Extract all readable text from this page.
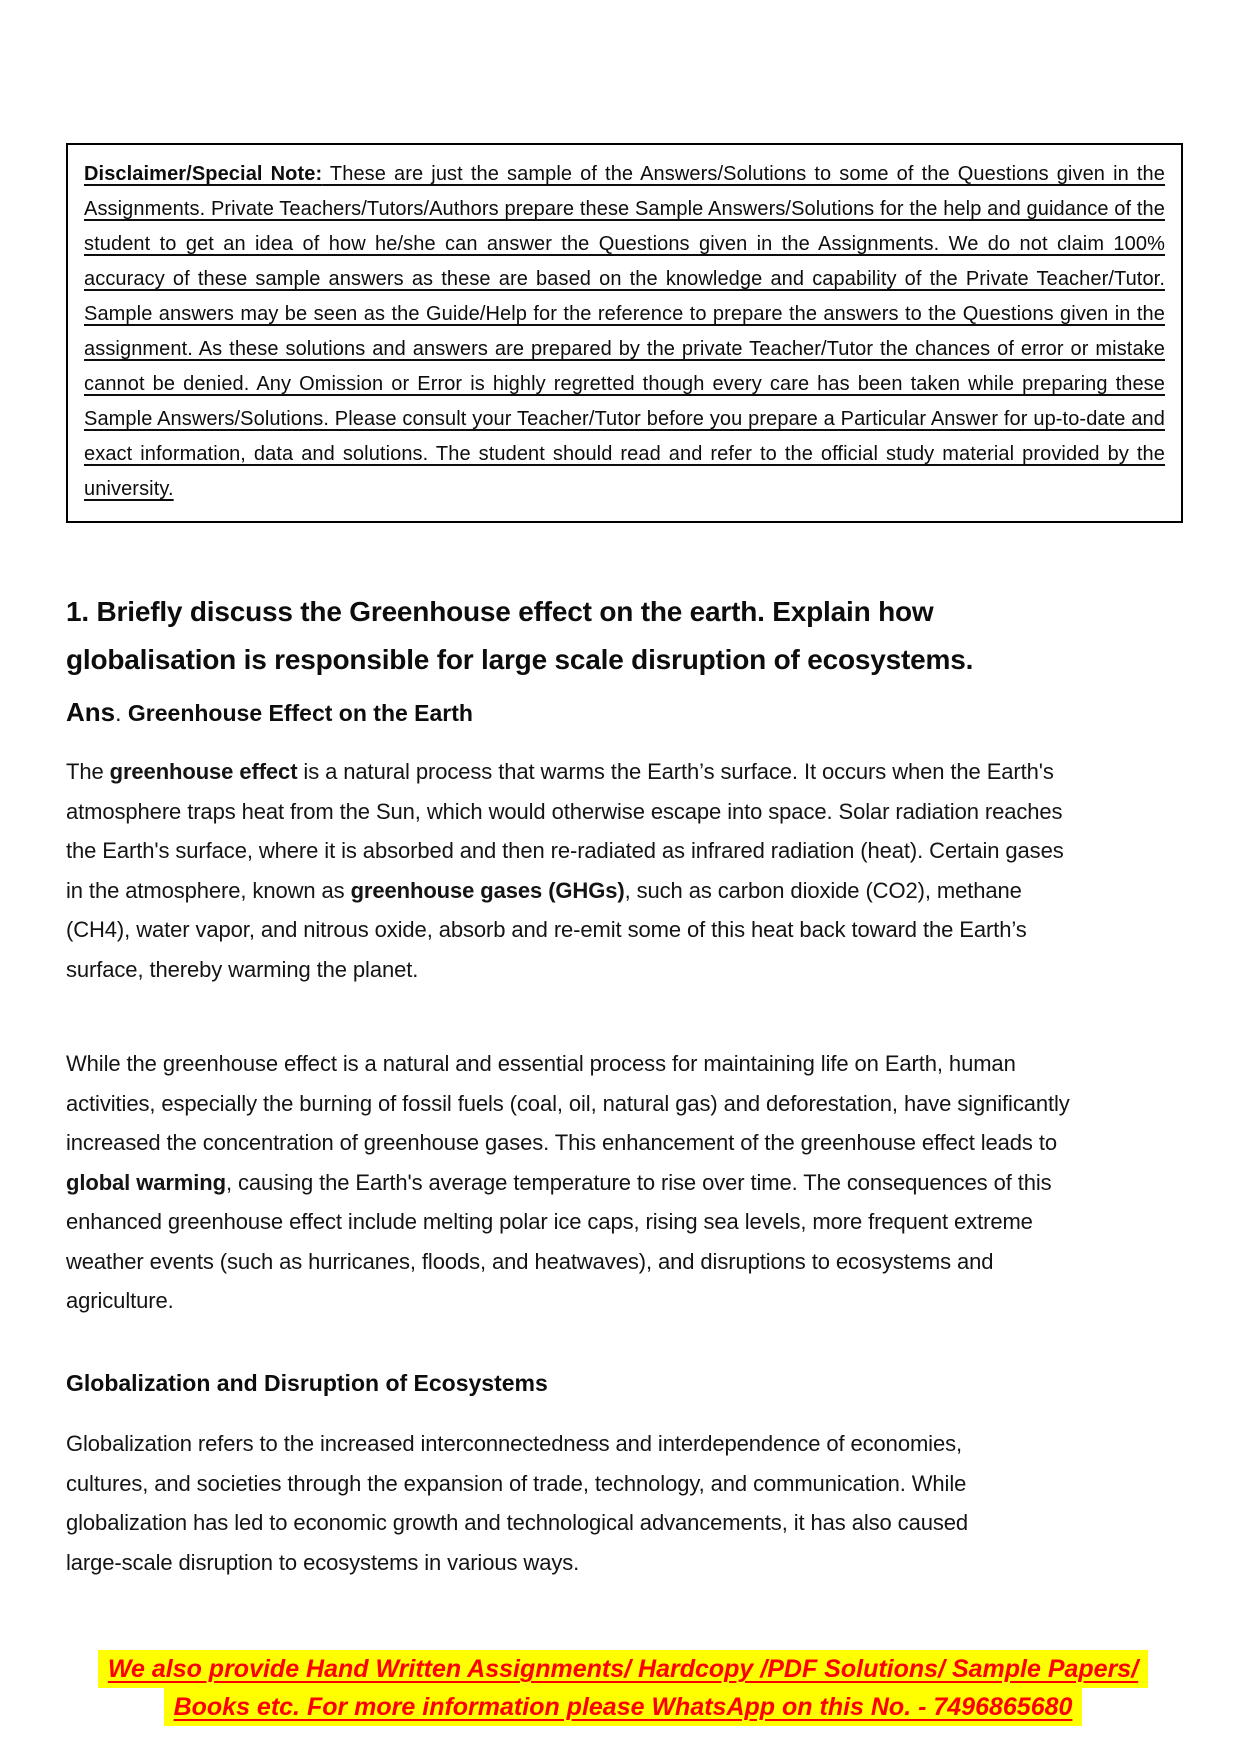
Disclaimer/Special Note: These are just the sample of the Answers/Solutions to some of the Questions given in the Assignments. Private Teachers/Tutors/Authors prepare these Sample Answers/Solutions for the help and guidance of the student to get an idea of how he/she can answer the Questions given in the Assignments. We do not claim 100% accuracy of these sample answers as these are based on the knowledge and capability of the Private Teacher/Tutor. Sample answers may be seen as the Guide/Help for the reference to prepare the answers to the Questions given in the assignment. As these solutions and answers are prepared by the private Teacher/Tutor the chances of error or mistake cannot be denied. Any Omission or Error is highly regretted though every care has been taken while preparing these Sample Answers/Solutions. Please consult your Teacher/Tutor before you prepare a Particular Answer for up-to-date and exact information, data and solutions. The student should read and refer to the official study material provided by the university.

1. Briefly discuss the Greenhouse effect on the earth. Explain how
globalisation is responsible for large scale disruption of ecosystems.
Ans. Greenhouse Effect on the Earth

The greenhouse effect is a natural process that warms the Earth’s surface. It occurs when the Earth's atmosphere traps heat from the Sun, which would otherwise escape into space. Solar radiation reaches the Earth's surface, where it is absorbed and then re-radiated as infrared radiation (heat). Certain gases in the atmosphere, known as greenhouse gases (GHGs), such as carbon dioxide (CO2), methane (CH4), water vapor, and nitrous oxide, absorb and re-emit some of this heat back toward the Earth’s surface, thereby warming the planet.

While the greenhouse effect is a natural and essential process for maintaining life on Earth, human activities, especially the burning of fossil fuels (coal, oil, natural gas) and deforestation, have significantly increased the concentration of greenhouse gases. This enhancement of the greenhouse effect leads to global warming, causing the Earth's average temperature to rise over time. The consequences of this enhanced greenhouse effect include melting polar ice caps, rising sea levels, more frequent extreme weather events (such as hurricanes, floods, and heatwaves), and disruptions to ecosystems and agriculture.

Globalization and Disruption of Ecosystems

Globalization refers to the increased interconnectedness and interdependence of economies, cultures, and societies through the expansion of trade, technology, and communication. While globalization has led to economic growth and technological advancements, it has also caused large-scale disruption to ecosystems in various ways.

We also provide Hand Written Assignments/ Hardcopy /PDF Solutions/ Sample Papers/
Books etc. For more information please WhatsApp on this No. - 7496865680
